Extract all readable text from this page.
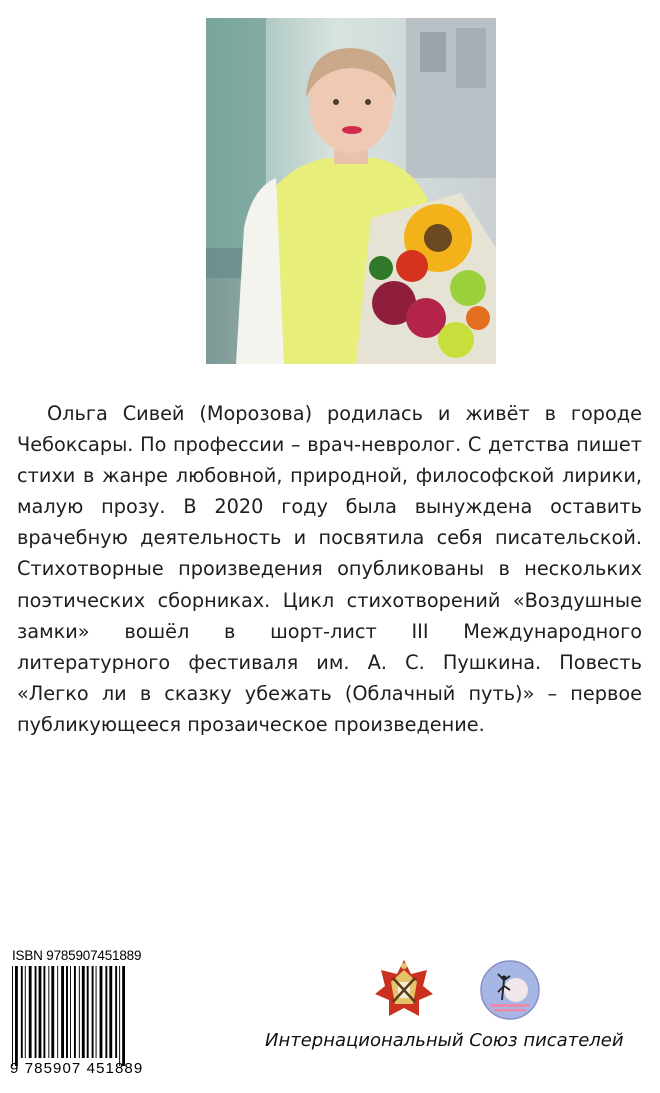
Ольга Сивей (Морозова) родилась и живёт в городе Чебоксары. По профессии – врач-невролог. С детства пишет стихи в жанре любовной, природной, философской лирики, малую прозу. В 2020 году была вынуждена оставить врачебную деятельность и посвятила себя писательской. Стихотворные произведения опубликованы в нескольких поэтических сборниках. Цикл стихотворений «Воздушные замки» вошёл в шорт-лист III Международного литературного фестиваля им. А. С. Пушкина. Повесть «Легко ли в сказку убежать (Облачный путь)» – первое публикующееся прозаическое произведение.

ISBN 9785907451889
9 785907 451889
Интернациональный Союз писателей
